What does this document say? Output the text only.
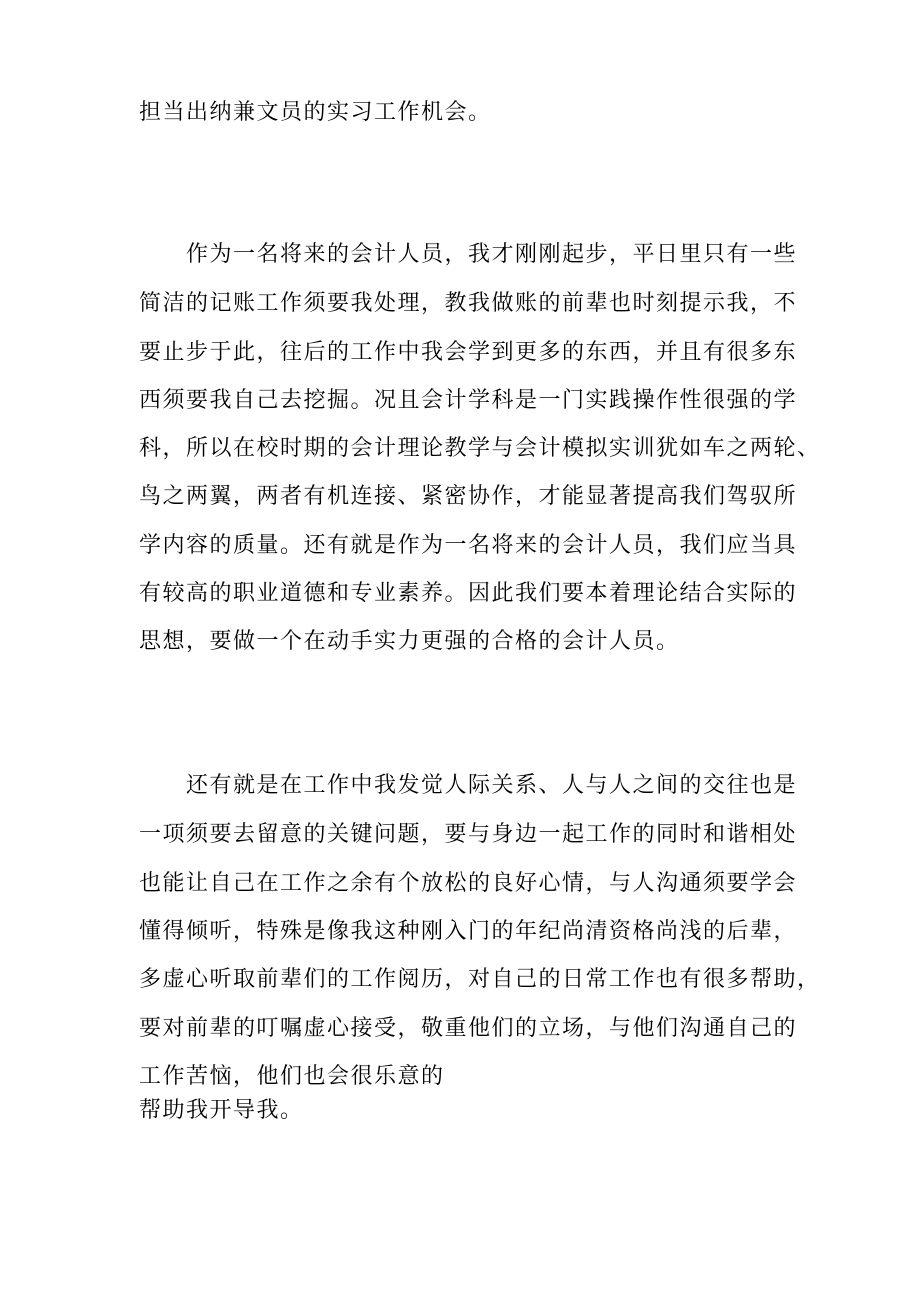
担当出纳兼文员的实习工作机会。
作为一名将来的会计人员，我才刚刚起步，平日里只有一些
简洁的记账工作须要我处理，教我做账的前辈也时刻提示我，不
要止步于此，往后的工作中我会学到更多的东西，并且有很多东
西须要我自己去挖掘。况且会计学科是一门实践操作性很强的学
科，所以在校时期的会计理论教学与会计模拟实训犹如车之两轮、
鸟之两翼，两者有机连接、紧密协作，才能显著提高我们驾驭所
学内容的质量。还有就是作为一名将来的会计人员，我们应当具
有较高的职业道德和专业素养。因此我们要本着理论结合实际的
思想，要做一个在动手实力更强的合格的会计人员。
还有就是在工作中我发觉人际关系、人与人之间的交往也是
一项须要去留意的关键问题，要与身边一起工作的同时和谐相处
也能让自己在工作之余有个放松的良好心情，与人沟通须要学会
懂得倾听，特殊是像我这种刚入门的年纪尚清资格尚浅的后辈，
多虚心听取前辈们的工作阅历，对自己的日常工作也有很多帮助，
要对前辈的叮嘱虚心接受，敬重他们的立场，与他们沟通自己的
工作苦恼，他们也会很乐意的
帮助我开导我。
